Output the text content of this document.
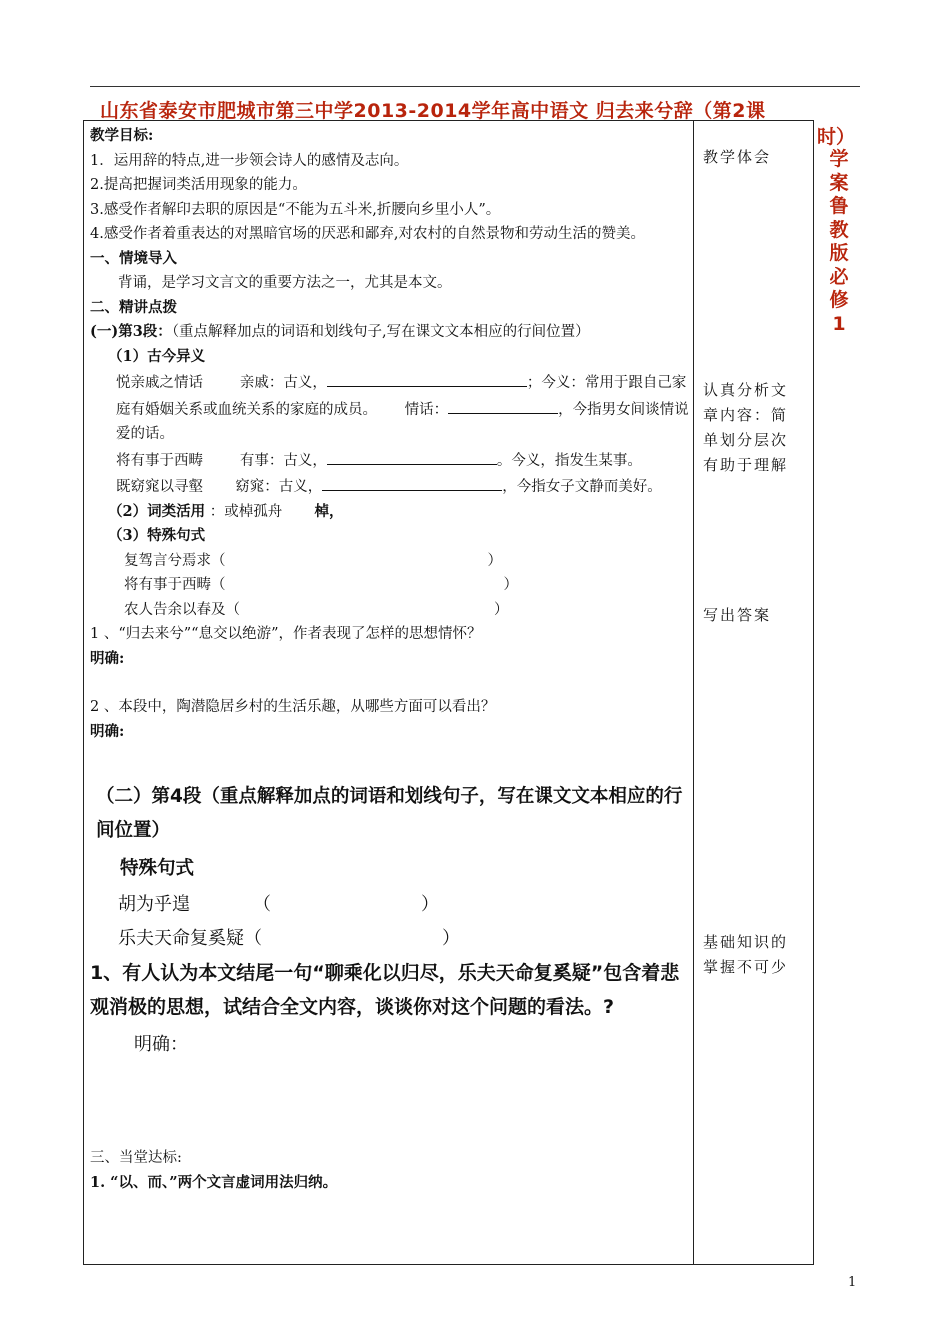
山东省泰安市肥城市第三中学2013-2014学年高中语文 归去来兮辞（第2课
时）
学案鲁教版必修1

教学目标:

1．运用辞的特点,进一步领会诗人的感情及志向。

2.提高把握词类活用现象的能力。

3.感受作者解印去职的原因是“不能为五斗米,折腰向乡里小人”。

4.感受作者着重表达的对黑暗官场的厌恶和鄙弃,对农村的自然景物和劳动生活的赞美。

一、情境导入

背诵，是学习文言文的重要方法之一，尤其是本文。

二、精讲点拨

(一)第3段：（重点解释加点的词语和划线句子,写在课文文本相应的行间位置）

（1）古今异义

悦亲戚之情话	亲戚：古义，	；今义：常用于跟自己家庭有婚姻关系或血统关系的家庭的成员。 情话：	，今指男女间谈情说爱的话。

将有事于西畴	有事：古义，	。今义，指发生某事。

既窈窕以寻壑 窈窕：古义，	，今指女子文静而美好。

（2）词类活用 ：或棹孤舟 棹，

（3）特殊句式

复驾言兮焉求（	）

将有事于西畴（	）

农人告余以春及（	）

1 、“归去来兮”“息交以绝游”，作者表现了怎样的思想情怀？

明确:

2 、本段中，陶潜隐居乡村的生活乐趣，从哪些方面可以看出？

明确:

（二）第4段（重点解释加点的词语和划线句子，写在课文文本相应的行间位置）

特殊句式

胡为乎遑           （	）

乐夫天命复奚疑（	）

1、有人认为本文结尾一句“聊乘化以归尽，乐夫天命复奚疑”包含着悲观消极的思想，试结合全文内容，谈谈你对这个问题的看法。?

明确：

三、当堂达标:

1. “以、而、”两个文言虚词用法归纳。

教学体会
认真分析文章内容：简单划分层次有助于理解
写出答案
基础知识的掌握不可少
1
